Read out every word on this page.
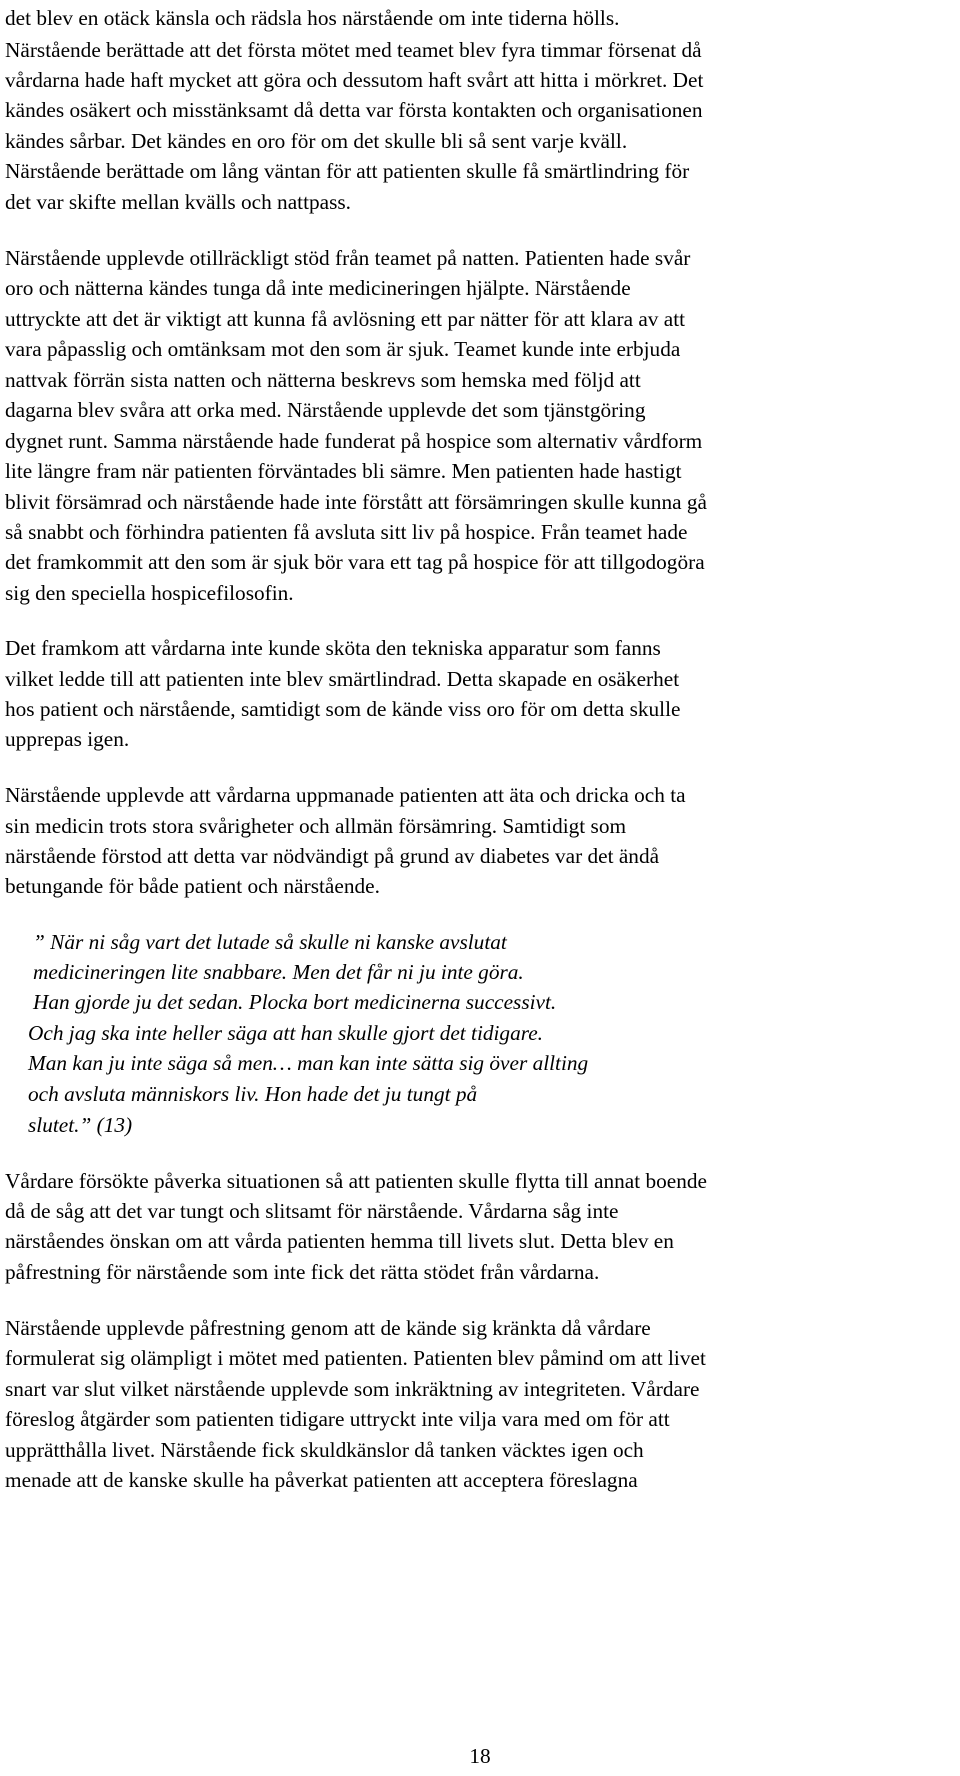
det blev en otäck känsla och rädsla hos närstående om inte tiderna hölls.
Närstående berättade att det första mötet med teamet blev fyra timmar försenat då
vårdarna hade haft mycket att göra och dessutom haft svårt att hitta i mörkret. Det
kändes osäkert och misstänksamt då detta var första kontakten och organisationen
kändes sårbar. Det kändes en oro för om det skulle bli så sent varje kväll.
Närstående berättade om lång väntan för att patienten skulle få smärtlindring för
det var skifte mellan kvälls och nattpass.
Närstående upplevde otillräckligt stöd från teamet på natten. Patienten hade svår
oro och nätterna kändes tunga då inte medicineringen hjälpte. Närstående
uttryckte att det är viktigt att kunna få avlösning ett par nätter för att klara av att
vara påpasslig och omtänksam mot den som är sjuk. Teamet kunde inte erbjuda
nattvak förrän sista natten och nätterna beskrevs som hemska med följd att
dagarna blev svåra att orka med. Närstående upplevde det som tjänstgöring
dygnet runt. Samma närstående hade funderat på hospice som alternativ vårdform
lite längre fram när patienten förväntades bli sämre. Men patienten hade hastigt
blivit försämrad och närstående hade inte förstått att försämringen skulle kunna gå
så snabbt och förhindra patienten få avsluta sitt liv på hospice. Från teamet hade
det framkommit att den som är sjuk bör vara ett tag på hospice för att tillgodogöra
sig den speciella hospicefilosofin.
Det framkom att vårdarna inte kunde sköta den tekniska apparatur som fanns
vilket ledde till att patienten inte blev smärtlindrad. Detta skapade en osäkerhet
hos patient och närstående, samtidigt som de kände viss oro för om detta skulle
upprepas igen.
Närstående upplevde att vårdarna uppmanade patienten att äta och dricka och ta
sin medicin trots stora svårigheter och allmän försämring. Samtidigt som
närstående förstod att detta var nödvändigt på grund av diabetes var det ändå
betungande för både patient och närstående.
” När ni såg vart det lutade så skulle ni kanske avslutat
medicineringen lite snabbare. Men det får ni ju inte göra.
Han gjorde ju det sedan. Plocka bort medicinerna successivt.
Och jag ska inte heller säga att han skulle gjort det tidigare.
Man kan ju inte säga så men… man kan inte sätta sig över allting
och avsluta människors liv. Hon hade det ju tungt på
slutet.” (13)
Vårdare försökte påverka situationen så att patienten skulle flytta till annat boende
då de såg att det var tungt och slitsamt för närstående. Vårdarna såg inte
närståendes önskan om att vårda patienten hemma till livets slut. Detta blev en
påfrestning för närstående som inte fick det rätta stödet från vårdarna.
Närstående upplevde påfrestning genom att de kände sig kränkta då vårdare
formulerat sig olämpligt i mötet med patienten. Patienten blev påmind om att livet
snart var slut vilket närstående upplevde som inkräktning av integriteten. Vårdare
föreslog åtgärder som patienten tidigare uttryckt inte vilja vara med om för att
upprätthålla livet. Närstående fick skuldkänslor då tanken väcktes igen och
menade att de kanske skulle ha påverkat patienten att acceptera föreslagna
18
